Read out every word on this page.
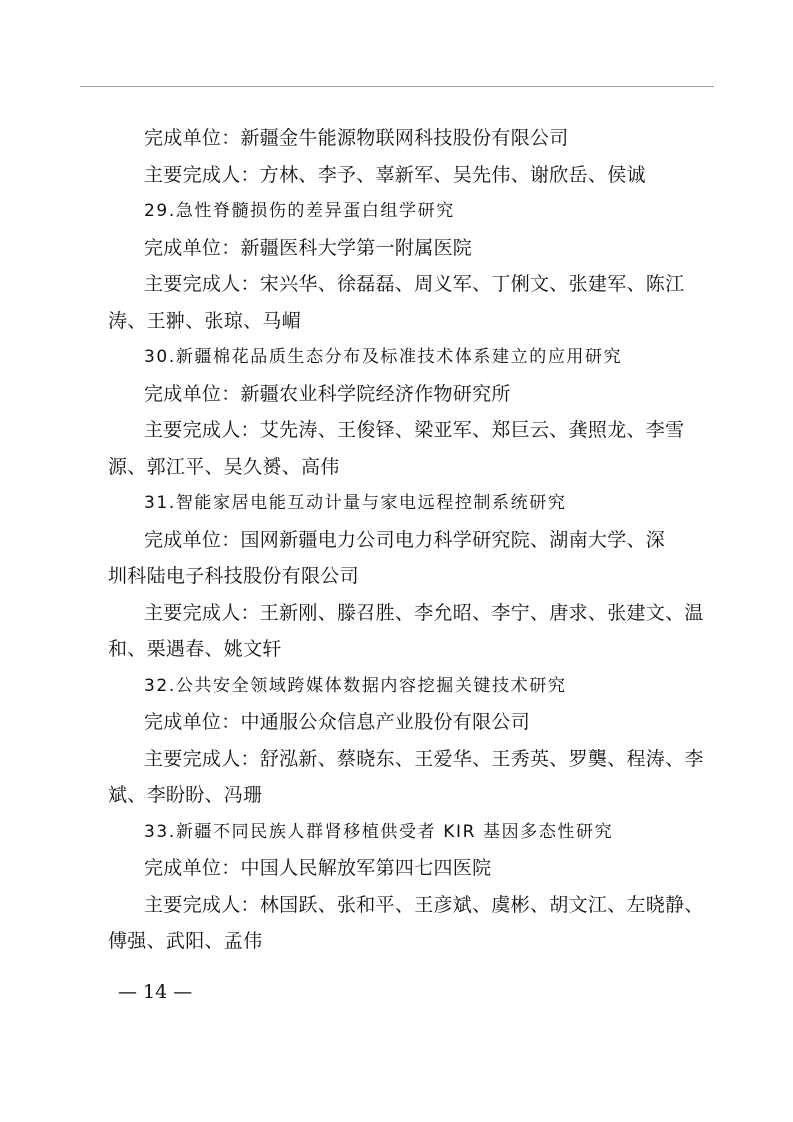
完成单位：新疆金牛能源物联网科技股份有限公司
主要完成人：方林、李予、辜新军、吴先伟、谢欣岳、侯诚
29.急性脊髓损伤的差异蛋白组学研究
完成单位：新疆医科大学第一附属医院
主要完成人：宋兴华、徐磊磊、周义军、丁俐文、张建军、陈江
涛、王翀、张琼、马嵋
30.新疆棉花品质生态分布及标准技术体系建立的应用研究
完成单位：新疆农业科学院经济作物研究所
主要完成人：艾先涛、王俊铎、梁亚军、郑巨云、龚照龙、李雪
源、郭江平、吴久赟、高伟
31.智能家居电能互动计量与家电远程控制系统研究
完成单位：国网新疆电力公司电力科学研究院、湖南大学、深
圳科陆电子科技股份有限公司
主要完成人：王新刚、滕召胜、李允昭、李宁、唐求、张建文、温
和、栗遇春、姚文轩
32.公共安全领域跨媒体数据内容挖掘关键技术研究
完成单位：中通服公众信息产业股份有限公司
主要完成人：舒泓新、蔡晓东、王爱华、王秀英、罗龑、程涛、李
斌、李盼盼、冯珊
33.新疆不同民族人群肾移植供受者 KIR 基因多态性研究
完成单位：中国人民解放军第四七四医院
主要完成人：林国跃、张和平、王彦斌、虞彬、胡文江、左晓静、
傅强、武阳、孟伟
— 14 —
